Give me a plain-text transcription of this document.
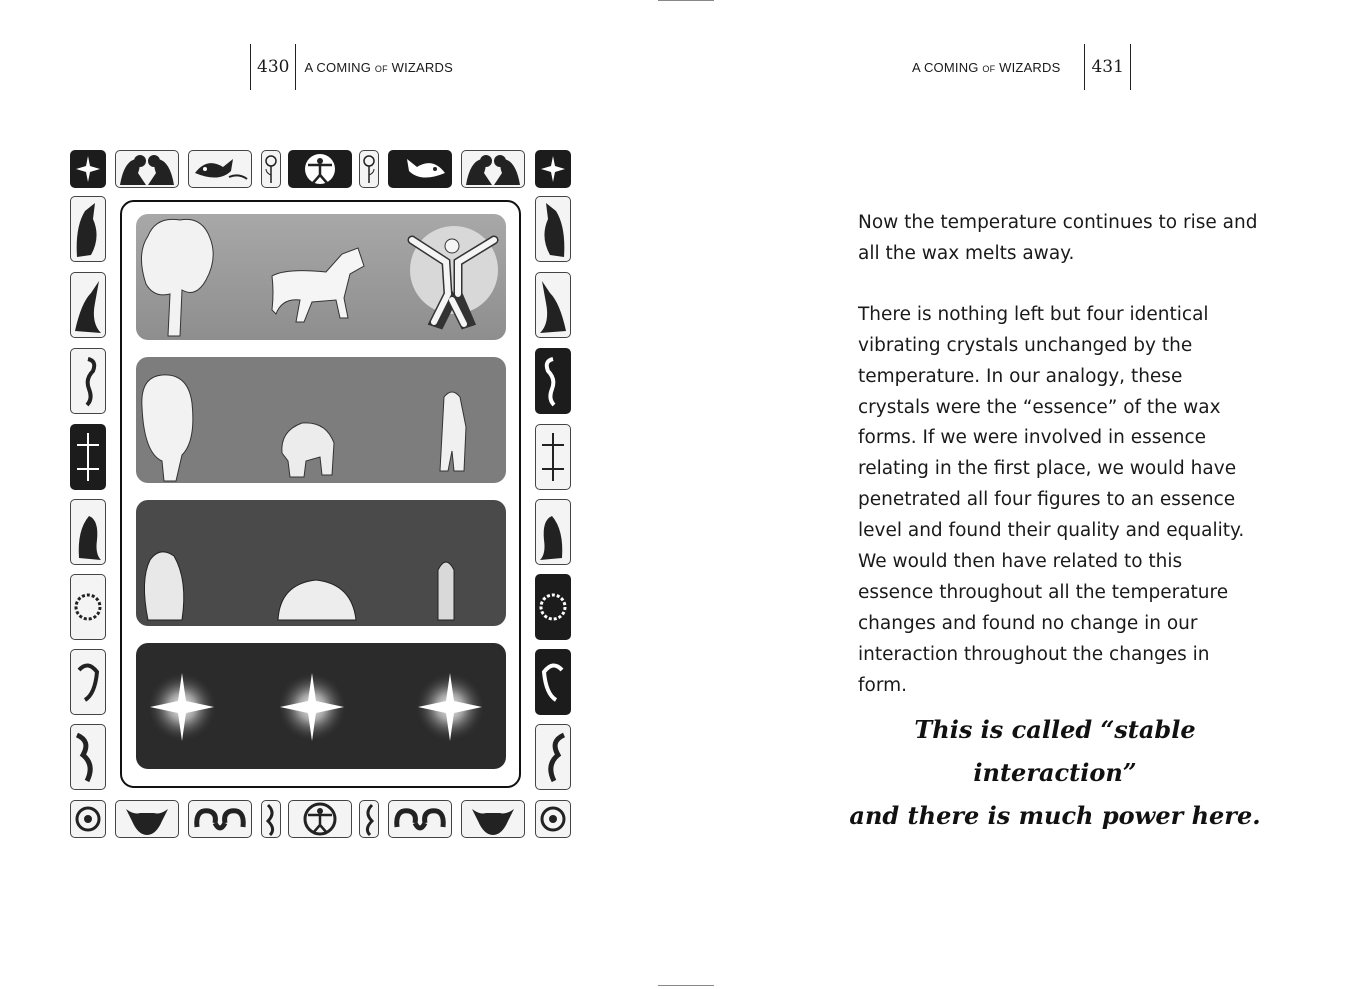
430	A COMING OF WIZARDS	A COMING OF WIZARDS	431

Now the temperature continues to rise and all the wax melts away.

There is nothing left but four identical vibrating crystals unchanged by the temperature. In our analogy, these crystals were the “essence” of the wax forms. If we were involved in essence relating in the first place, we would have penetrated all four figures to an essence level and found their quality and equality. We would then have related to this essence throughout all the temperature changes and found no change in our interaction throughout the changes in form.

This is called “stable interaction”
and there is much power here.
